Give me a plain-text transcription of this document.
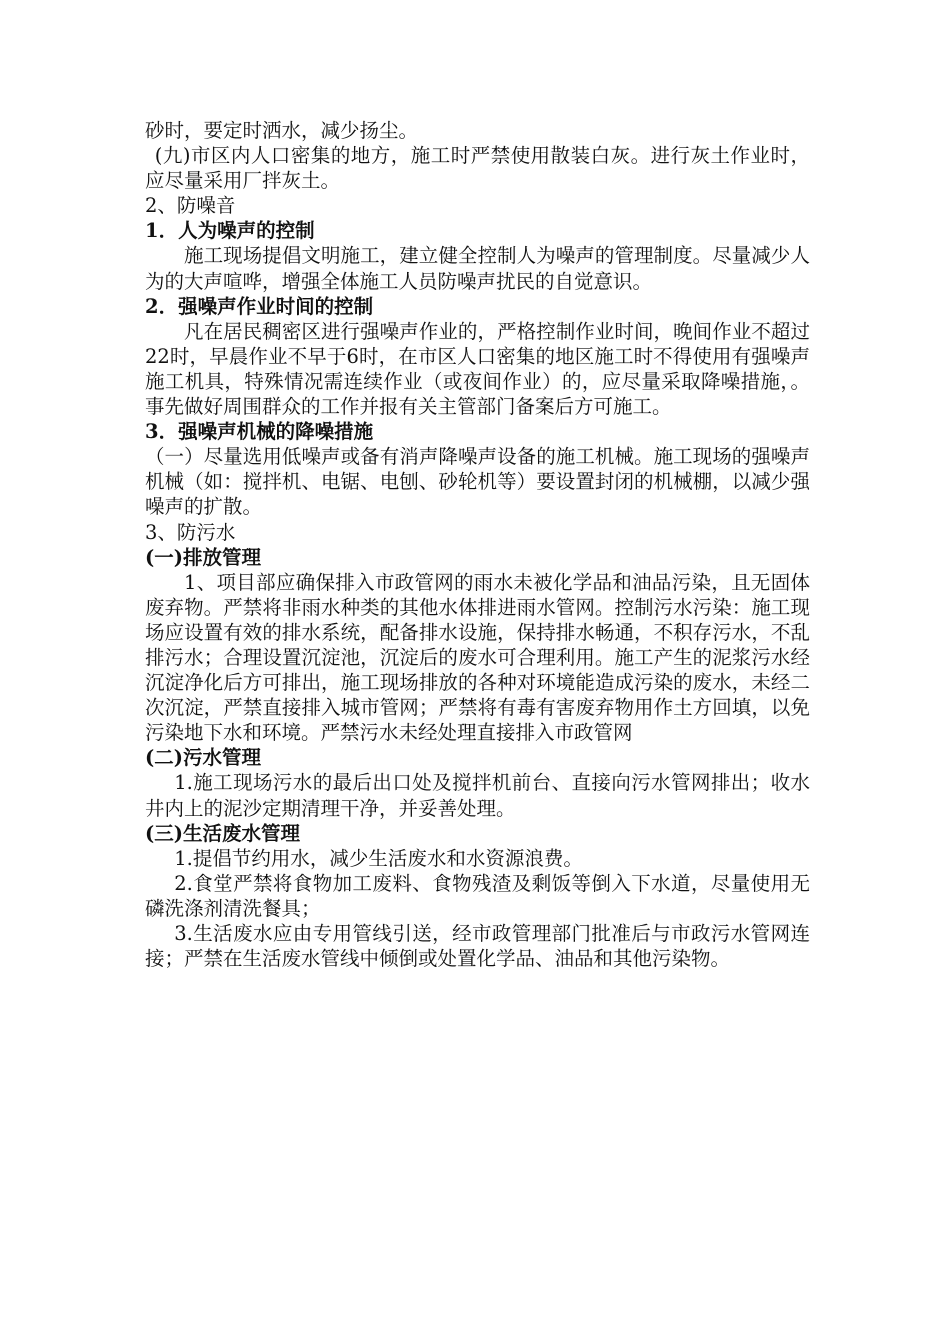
砂时，要定时洒水，减少扬尘。

(九)市区内人口密集的地方，施工时严禁使用散装白灰。进行灰土作业时，应尽量采用厂拌灰土。

2、防噪音

1．人为噪声的控制

施工现场提倡文明施工，建立健全控制人为噪声的管理制度。尽量减少人为的大声喧哗，增强全体施工人员防噪声扰民的自觉意识。

2．强噪声作业时间的控制

凡在居民稠密区进行强噪声作业的，严格控制作业时间，晚间作业不超过22时，早晨作业不早于6时，在市区人口密集的地区施工时不得使用有强噪声施工机具，特殊情况需连续作业（或夜间作业）的，应尽量采取降噪措施，。事先做好周围群众的工作并报有关主管部门备案后方可施工。

3．强噪声机械的降噪措施

（一）尽量选用低噪声或备有消声降噪声设备的施工机械。施工现场的强噪声机械（如：搅拌机、电锯、电刨、砂轮机等）要设置封闭的机械棚，以减少强噪声的扩散。

3、防污水

(一)排放管理

1、项目部应确保排入市政管网的雨水未被化学品和油品污染，且无固体废弃物。严禁将非雨水种类的其他水体排进雨水管网。控制污水污染：施工现场应设置有效的排水系统，配备排水设施，保持排水畅通，不积存污水，不乱排污水；合理设置沉淀池，沉淀后的废水可合理利用。施工产生的泥浆污水经沉淀净化后方可排出，施工现场排放的各种对环境能造成污染的废水，未经二次沉淀，严禁直接排入城市管网；严禁将有毒有害废弃物用作土方回填，以免污染地下水和环境。严禁污水未经处理直接排入市政管网

(二)污水管理

1.施工现场污水的最后出口处及搅拌机前台、直接向污水管网排出；收水井内上的泥沙定期清理干净，并妥善处理。

(三)生活废水管理

1.提倡节约用水，减少生活废水和水资源浪费。

2.食堂严禁将食物加工废料、食物残渣及剩饭等倒入下水道，尽量使用无磷洗涤剂清洗餐具；

3.生活废水应由专用管线引送，经市政管理部门批准后与市政污水管网连接；严禁在生活废水管线中倾倒或处置化学品、油品和其他污染物。
